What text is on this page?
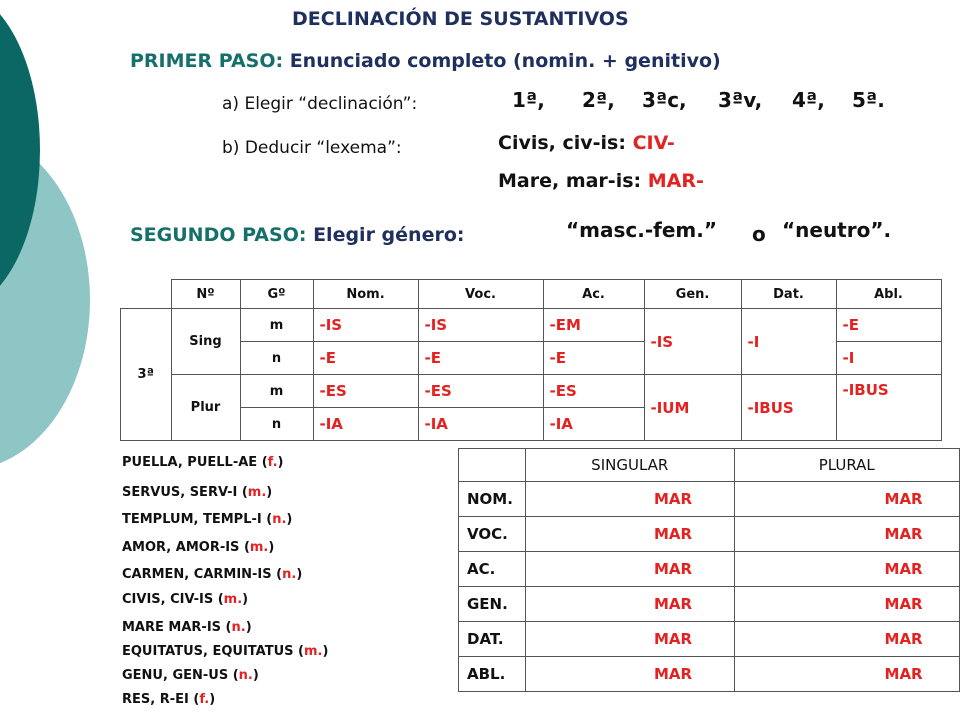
DECLINACIÓN DE SUSTANTIVOS
PRIMER PASO: Enunciado completo (nomin. + genitivo)
a) Elegir “declinación”:	1ª, 2ª, 3ªc, 3ªv, 4ª, 5ª.
b) Deducir “lexema”:	Civis, civ-is: CIV-
Mare, mar-is: MAR-
SEGUNDO PASO: Elegir género:	“masc.-fem.” o “neutro”.
	Nº	Gº	Nom.	Voc.	Ac.	Gen.	Dat.	Abl.
3ª	Sing	m	-IS	-IS	-EM	-IS	-I	-E
		n	-E	-E	-E			-I
	Plur	m	-ES	-ES	-ES	-IUM	-IBUS	-IBUS
		n	-IA	-IA	-IA			
PUELLA, PUELL-AE (f.)
SERVUS, SERV-I (m.)
TEMPLUM, TEMPL-I (n.)
AMOR, AMOR-IS (m.)
CARMEN, CARMIN-IS (n.)
CIVIS, CIV-IS (m.)
MARE MAR-IS (n.)
EQUITATUS, EQUITATUS (m.)
GENU, GEN-US (n.)
RES, R-EI (f.)
	SINGULAR	PLURAL
NOM.	MAR	MAR
VOC.	MAR	MAR
AC.	MAR	MAR
GEN.	MAR	MAR
DAT.	MAR	MAR
ABL.	MAR	MAR
